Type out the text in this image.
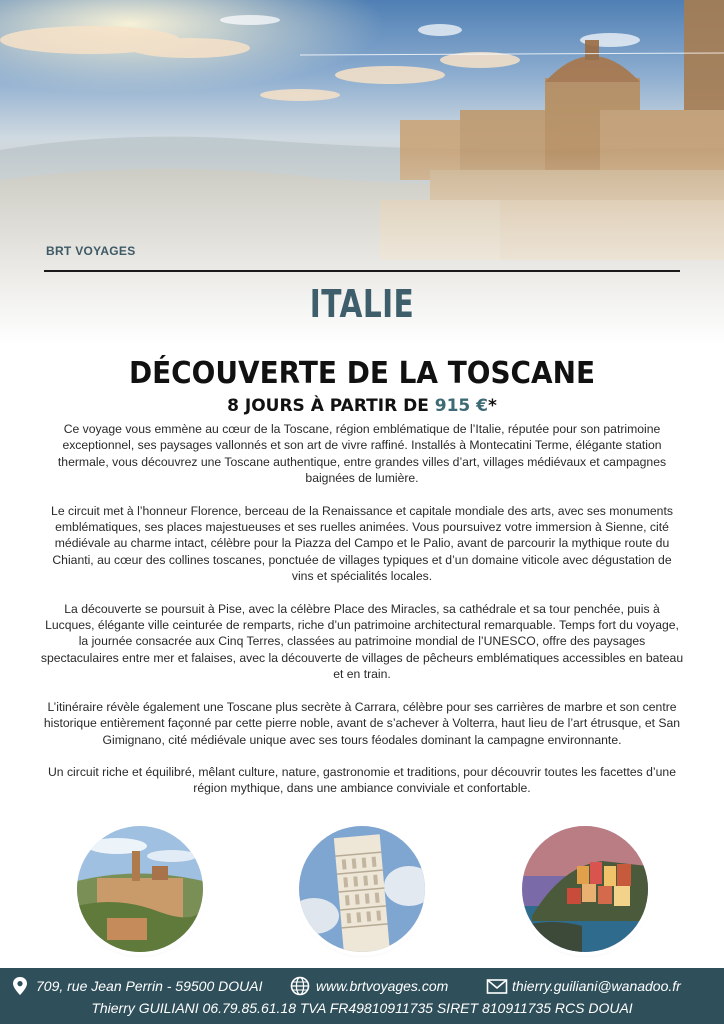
BRT VOYAGES
ITALIE
DÉCOUVERTE DE LA TOSCANE
8 JOURS À PARTIR DE 915 €*

Ce voyage vous emmène au cœur de la Toscane, région emblématique de l’Italie, réputée pour son patrimoine exceptionnel, ses paysages vallonnés et son art de vivre raffiné. Installés à Montecatini Terme, élégante station thermale, vous découvrez une Toscane authentique, entre grandes villes d’art, villages médiévaux et campagnes baignées de lumière.

Le circuit met à l’honneur Florence, berceau de la Renaissance et capitale mondiale des arts, avec ses monuments emblématiques, ses places majestueuses et ses ruelles animées. Vous poursuivez votre immersion à Sienne, cité médiévale au charme intact, célèbre pour la Piazza del Campo et le Palio, avant de parcourir la mythique route du Chianti, au cœur des collines toscanes, ponctuée de villages typiques et d’un domaine viticole avec dégustation de vins et spécialités locales.

La découverte se poursuit à Pise, avec la célèbre Place des Miracles, sa cathédrale et sa tour penchée, puis à Lucques, élégante ville ceinturée de remparts, riche d’un patrimoine architectural remarquable. Temps fort du voyage, la journée consacrée aux Cinq Terres, classées au patrimoine mondial de l’UNESCO, offre des paysages spectaculaires entre mer et falaises, avec la découverte de villages de pêcheurs emblématiques accessibles en bateau et en train.

L’itinéraire révèle également une Toscane plus secrète à Carrara, célèbre pour ses carrières de marbre et son centre historique entièrement façonné par cette pierre noble, avant de s’achever à Volterra, haut lieu de l’art étrusque, et San Gimignano, cité médiévale unique avec ses tours féodales dominant la campagne environnante.

Un circuit riche et équilibré, mêlant culture, nature, gastronomie et traditions, pour découvrir toutes les facettes d’une région mythique, dans une ambiance conviviale et confortable.

709, rue Jean Perrin - 59500 DOUAI	www.brtvoyages.com	thierry.guiliani@wanadoo.fr
Thierry GUILIANI 06.79.85.61.18 TVA FR49810911735 SIRET 810911735 RCS DOUAI
